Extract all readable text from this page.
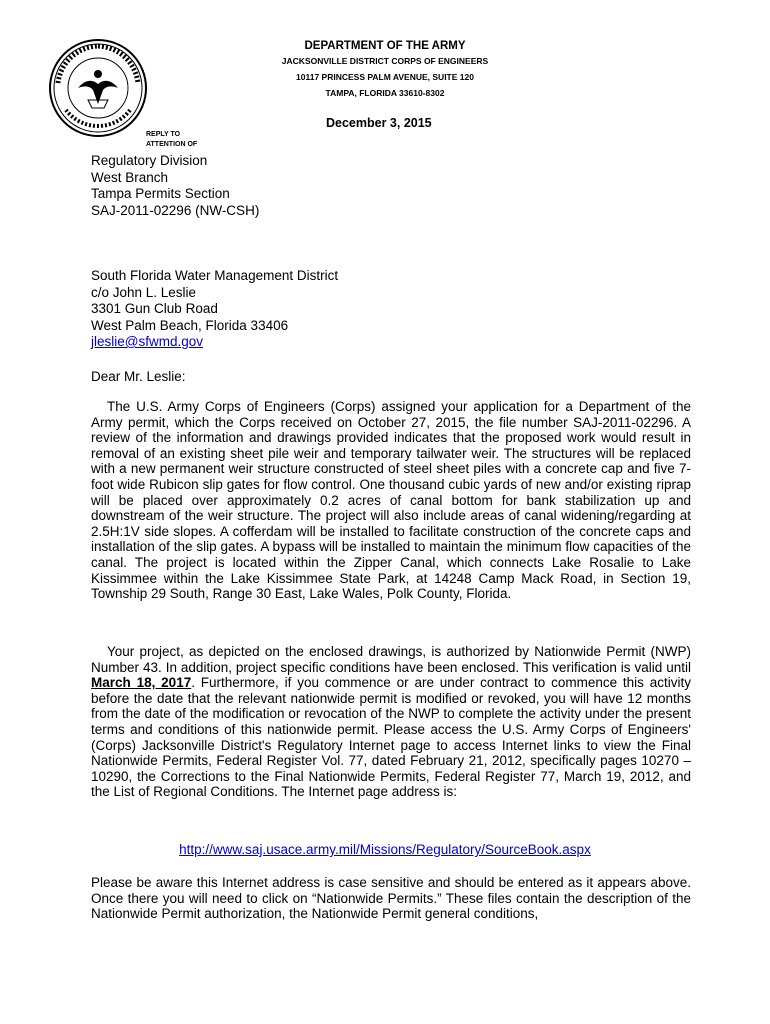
DEPARTMENT OF THE ARMY
JACKSONVILLE DISTRICT CORPS OF ENGINEERS
10117 PRINCESS PALM AVENUE, SUITE 120
TAMPA, FLORIDA 33610-8302
December 3, 2015
REPLY TO
ATTENTION OF
Regulatory Division
West Branch
Tampa Permits Section
SAJ-2011-02296 (NW-CSH)
South Florida Water Management District
c/o John L. Leslie
3301 Gun Club Road
West Palm Beach, Florida 33406
jleslie@sfwmd.gov
Dear Mr. Leslie:
The U.S. Army Corps of Engineers (Corps) assigned your application for a Department of the Army permit, which the Corps received on October 27, 2015, the file number SAJ-2011-02296. A review of the information and drawings provided indicates that the proposed work would result in removal of an existing sheet pile weir and temporary tailwater weir. The structures will be replaced with a new permanent weir structure constructed of steel sheet piles with a concrete cap and five 7-foot wide Rubicon slip gates for flow control. One thousand cubic yards of new and/or existing riprap will be placed over approximately 0.2 acres of canal bottom for bank stabilization up and downstream of the weir structure. The project will also include areas of canal widening/regarding at 2.5H:1V side slopes. A cofferdam will be installed to facilitate construction of the concrete caps and installation of the slip gates. A bypass will be installed to maintain the minimum flow capacities of the canal. The project is located within the Zipper Canal, which connects Lake Rosalie to Lake Kissimmee within the Lake Kissimmee State Park, at 14248 Camp Mack Road, in Section 19, Township 29 South, Range 30 East, Lake Wales, Polk County, Florida.
Your project, as depicted on the enclosed drawings, is authorized by Nationwide Permit (NWP) Number 43. In addition, project specific conditions have been enclosed. This verification is valid until March 18, 2017. Furthermore, if you commence or are under contract to commence this activity before the date that the relevant nationwide permit is modified or revoked, you will have 12 months from the date of the modification or revocation of the NWP to complete the activity under the present terms and conditions of this nationwide permit. Please access the U.S. Army Corps of Engineers' (Corps) Jacksonville District's Regulatory Internet page to access Internet links to view the Final Nationwide Permits, Federal Register Vol. 77, dated February 21, 2012, specifically pages 10270 – 10290, the Corrections to the Final Nationwide Permits, Federal Register 77, March 19, 2012, and the List of Regional Conditions. The Internet page address is:
http://www.saj.usace.army.mil/Missions/Regulatory/SourceBook.aspx
Please be aware this Internet address is case sensitive and should be entered as it appears above. Once there you will need to click on “Nationwide Permits.” These files contain the description of the Nationwide Permit authorization, the Nationwide Permit general conditions,
